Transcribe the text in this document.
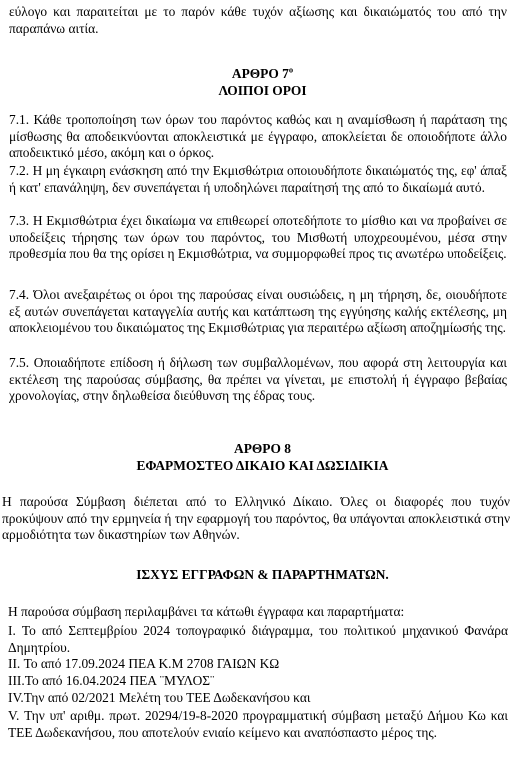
εύλογο και παραιτείται με το παρόν κάθε τυχόν αξίωσης και δικαιώματός του από την παραπάνω αιτία.

ΑΡΘΡΟ $7^o$
ΛΟΙΠΟΙ ΟΡΟΙ

7.1. Κάθε τροποποίηση των όρων του παρόντος καθώς και η αναμίσθωση ή παράταση της μίσθωσης θα αποδεικνύονται αποκλειστικά με έγγραφο, αποκλείεται δε οποιοδήποτε άλλο αποδεικτικό μέσο, ακόμη και ο όρκος.

7.2. Η μη έγκαιρη ενάσκηση από την Εκμισθώτρια οποιουδήποτε δικαιώματός της, εφ' άπαξ ή κατ' επανάληψη, δεν συνεπάγεται ή υποδηλώνει παραίτησή της από το δικαίωμά αυτό.

7.3. Η Εκμισθώτρια έχει δικαίωμα να επιθεωρεί οποτεδήποτε το μίσθιο και να προβαίνει σε υποδείξεις τήρησης των όρων του παρόντος, του Μισθωτή υποχρεουμένου, μέσα στην προθεσμία που θα της ορίσει η Εκμισθώτρια, να συμμορφωθεί προς τις ανωτέρω υποδείξεις.

7.4. Όλοι ανεξαιρέτως οι όροι της παρούσας είναι ουσιώδεις, η μη τήρηση, δε, οιουδήποτε εξ αυτών συνεπάγεται καταγγελία αυτής και κατάπτωση της εγγύησης καλής εκτέλεσης, μη αποκλειομένου του δικαιώματος της Εκμισθώτριας για περαιτέρω αξίωση αποζημίωσής της.

7.5. Οποιαδήποτε επίδοση ή δήλωση των συμβαλλομένων, που αφορά στη λειτουργία και εκτέλεση της παρούσας σύμβασης, θα πρέπει να γίνεται, με επιστολή ή έγγραφο βεβαίας χρονολογίας, στην δηλωθείσα διεύθυνση της έδρας τους.

ΑΡΘΡΟ 8
ΕΦΑΡΜΟΣΤΕΟ ΔΙΚΑΙΟ ΚΑΙ ΔΩΣΙΔΙΚΙΑ

Η παρούσα Σύμβαση διέπεται από το Ελληνικό Δίκαιο. Όλες οι διαφορές που τυχόν προκύψουν από την ερμηνεία ή την εφαρμογή του παρόντος, θα υπάγονται αποκλειστικά στην αρμοδιότητα των δικαστηρίων των Αθηνών.

ΙΣΧΥΣ ΕΓΓΡΑΦΩΝ & ΠΑΡΑΡΤΗΜΑΤΩΝ.

Η παρούσα σύμβαση περιλαμβάνει τα κάτωθι έγγραφα και παραρτήματα:

I. Το από Σεπτεμβρίου 2024 τοπογραφικό διάγραμμα, του πολιτικού μηχανικού Φανάρα Δημητρίου.

II. Το από 17.09.2024 ΠΕΑ Κ.Μ 2708 ΓΑΙΩΝ ΚΩ

III.Το από 16.04.2024 ΠΕΑ ¨ΜΥΛΟΣ¨

IV.Την από 02/2021 Μελέτη του ΤΕΕ Δωδεκανήσου και

V. Την υπ' αριθμ. πρωτ. 20294/19-8-2020 προγραμματική σύμβαση μεταξύ Δήμου Κω και ΤΕΕ Δωδεκανήσου, που αποτελούν ενιαίο κείμενο και αναπόσπαστο μέρος της.
